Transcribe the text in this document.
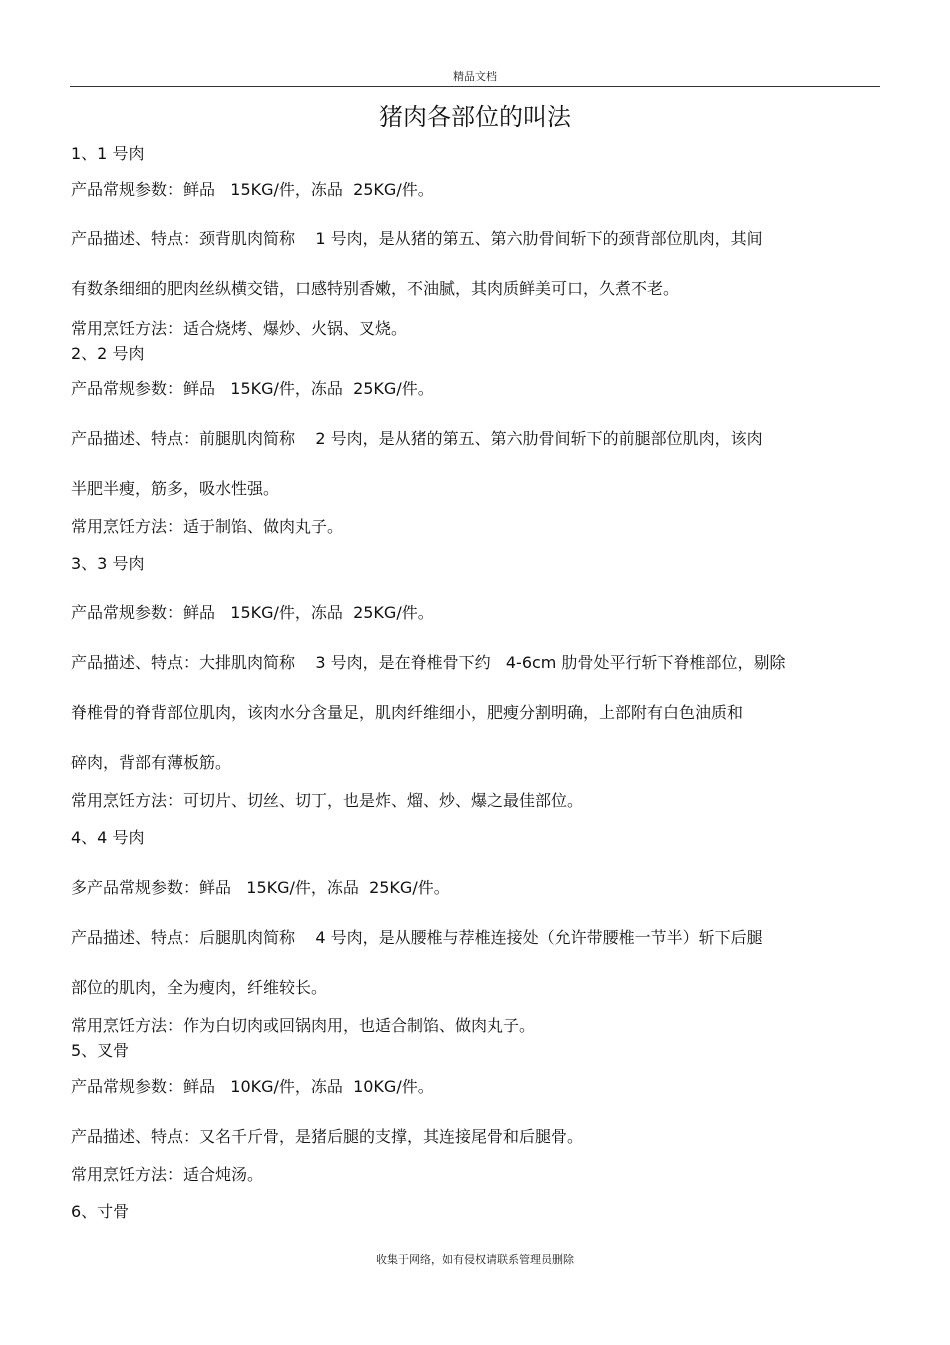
精品文档
猪肉各部位的叫法
1、1 号肉
产品常规参数：鲜品   15KG/件，冻品  25KG/件。
产品描述、特点：颈背肌肉简称    1 号肉，是从猪的第五、第六肋骨间斩下的颈背部位肌肉，其间
有数条细细的肥肉丝纵横交错，口感特别香嫩，不油腻，其肉质鲜美可口，久煮不老。
常用烹饪方法：适合烧烤、爆炒、火锅、叉烧。
2、2 号肉
产品常规参数：鲜品   15KG/件，冻品  25KG/件。
产品描述、特点：前腿肌肉简称    2 号肉，是从猪的第五、第六肋骨间斩下的前腿部位肌肉，该肉
半肥半瘦，筋多，吸水性强。
常用烹饪方法：适于制馅、做肉丸子。
3、3 号肉
产品常规参数：鲜品   15KG/件，冻品  25KG/件。
产品描述、特点：大排肌肉简称    3 号肉，是在脊椎骨下约   4-6cm 肋骨处平行斩下脊椎部位，剔除
脊椎骨的脊背部位肌肉，该肉水分含量足，肌肉纤维细小，肥瘦分割明确，上部附有白色油质和
碎肉，背部有薄板筋。
常用烹饪方法：可切片、切丝、切丁，也是炸、熘、炒、爆之最佳部位。
4、4 号肉
多产品常规参数：鲜品   15KG/件，冻品  25KG/件。
产品描述、特点：后腿肌肉简称    4 号肉，是从腰椎与荐椎连接处（允许带腰椎一节半）斩下后腿
部位的肌肉，全为瘦肉，纤维较长。
常用烹饪方法：作为白切肉或回锅肉用，也适合制馅、做肉丸子。
5、叉骨
产品常规参数：鲜品   10KG/件，冻品  10KG/件。
产品描述、特点：又名千斤骨，是猪后腿的支撑，其连接尾骨和后腿骨。
常用烹饪方法：适合炖汤。
6、寸骨
收集于网络，如有侵权请联系管理员删除
